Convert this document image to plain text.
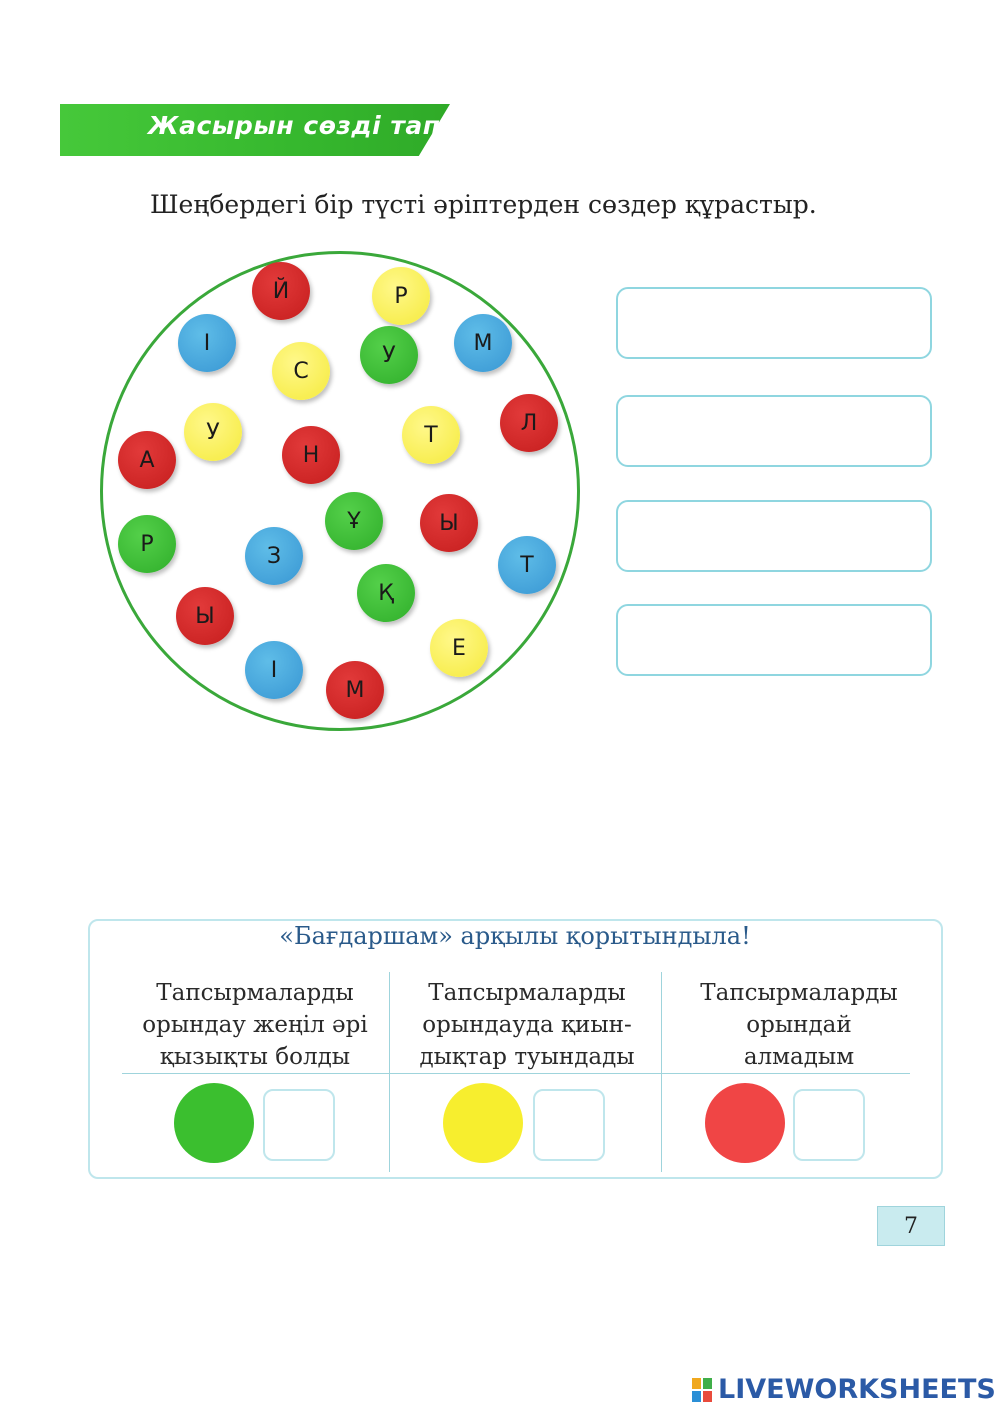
Жасырын сөзді тап!
Шеңбердегі бір түсті әріптерден сөздер құрастыр.
Й	Р
І
С
У	М
У	Т	Л
А	Н
Ұ	Ы
Р	З	Т
Қ
Ы
Е
І
М
«Бағдаршам» арқылы қорытындыла!
Тапсырмаларды
орындау жеңіл әрі
қызықты болды
Тапсырмаларды
орындауда қиын-
дықтар туындады
Тапсырмаларды
орындай
алмадым
7
LIVEWORKSHEETS
